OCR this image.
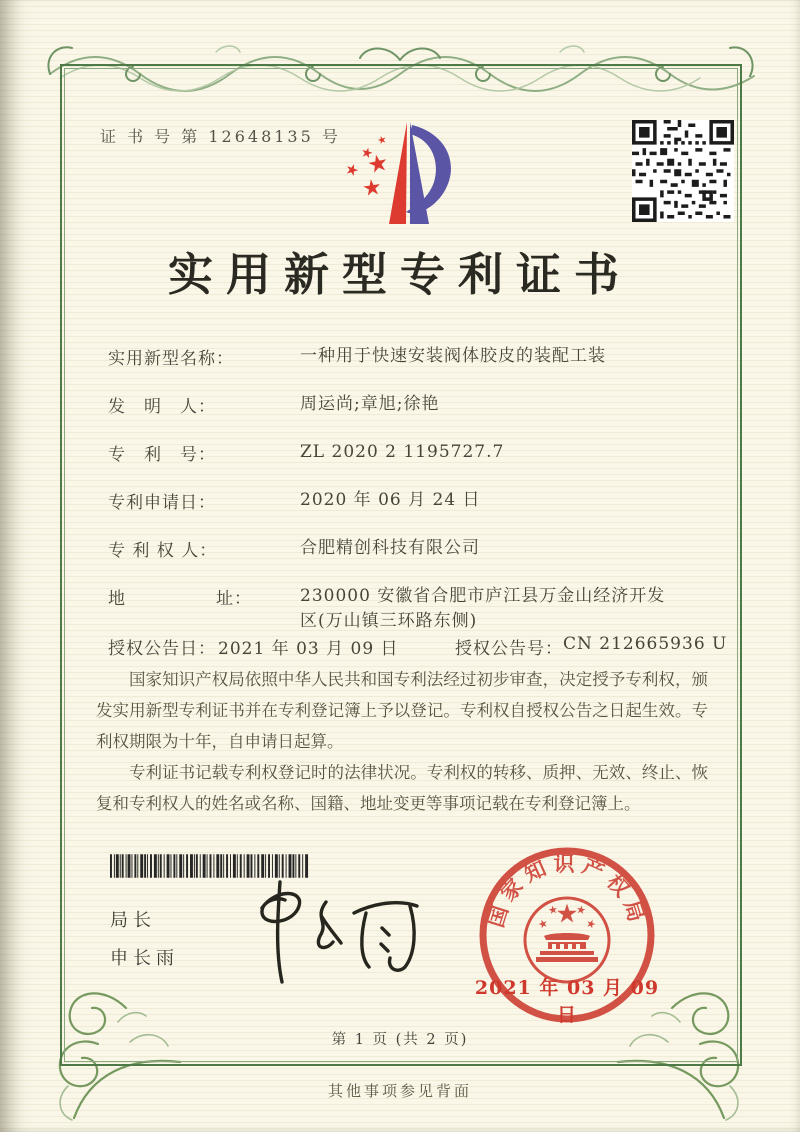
证 书 号 第 12648135 号
实用新型专利证书
实用新型名称：	一种用于快速安装阀体胶皮的装配工装
发　明　人：	周运尚;章旭;徐艳
专　利　号：	ZL 2020 2 1195727.7
专利申请日：	2020 年 06 月 24 日
专 利 权 人：	合肥精创科技有限公司
地　　　　　址：	230000 安徽省合肥市庐江县万金山经济开发区(万山镇三环路东侧)
授权公告日： 2021 年 03 月 09 日	授权公告号： CN 212665936 U

国家知识产权局依照中华人民共和国专利法经过初步审查，决定授予专利权，颁发实用新型专利证书并在专利登记簿上予以登记。专利权自授权公告之日起生效。专利权期限为十年，自申请日起算。

专利证书记载专利权登记时的法律状况。专利权的转移、质押、无效、终止、恢复和专利权人的姓名或名称、国籍、地址变更等事项记载在专利登记簿上。

局长
申长雨
国家知识产权局
2021 年 03 月 09 日
第 1 页 (共 2 页)
其他事项参见背面
